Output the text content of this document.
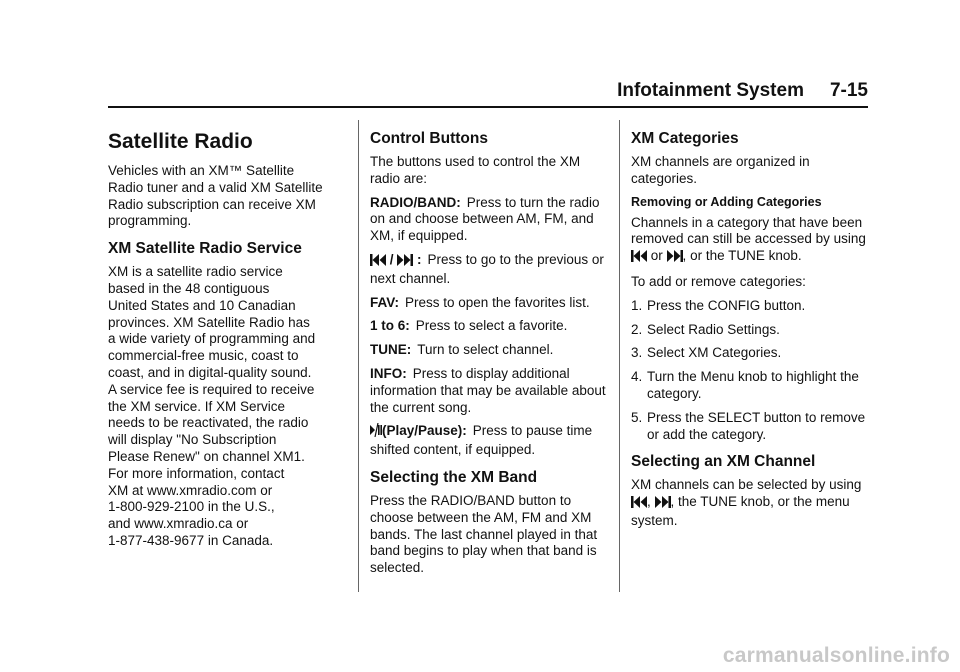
Infotainment System 7-15
Satellite Radio

Vehicles with an XM™ Satellite
Radio tuner and a valid XM Satellite
Radio subscription can receive XM
programming.

XM Satellite Radio Service

XM is a satellite radio service
based in the 48 contiguous
United States and 10 Canadian
provinces. XM Satellite Radio has
a wide variety of programming and
commercial-free music, coast to
coast, and in digital-quality sound.
A service fee is required to receive
the XM service. If XM Service
needs to be reactivated, the radio
will display "No Subscription
Please Renew" on channel XM1.
For more information, contact
XM at www.xmradio.com or
1-800-929-2100 in the U.S.,
and www.xmradio.ca or
1-877-438-9677 in Canada.

Control Buttons

The buttons used to control the XM radio are:

RADIO/BAND: Press to turn the radio on and choose between AM, FM, and XM, if equipped.

/  : Press to go to the previous or next channel.

FAV: Press to open the favorites list.

1 to 6: Press to select a favorite.

TUNE: Turn to select channel.

INFO: Press to display additional information that may be available about the current song.

(Play/Pause): Press to pause time shifted content, if equipped.

Selecting the XM Band

Press the RADIO/BAND button to choose between the AM, FM and XM bands. The last channel played in that band begins to play when that band is selected.

XM Categories

XM channels are organized in categories.

Removing or Adding Categories

Channels in a category that have been removed can still be accessed by using  or , or the TUNE knob.

To add or remove categories:

1. Press the CONFIG button.
2. Select Radio Settings.
3. Select XM Categories.
4. Turn the Menu knob to highlight the category.
5. Press the SELECT button to remove or add the category.
Selecting an XM Channel

XM channels can be selected by using , , the TUNE knob, or the menu system.

carmanualsonline.info
